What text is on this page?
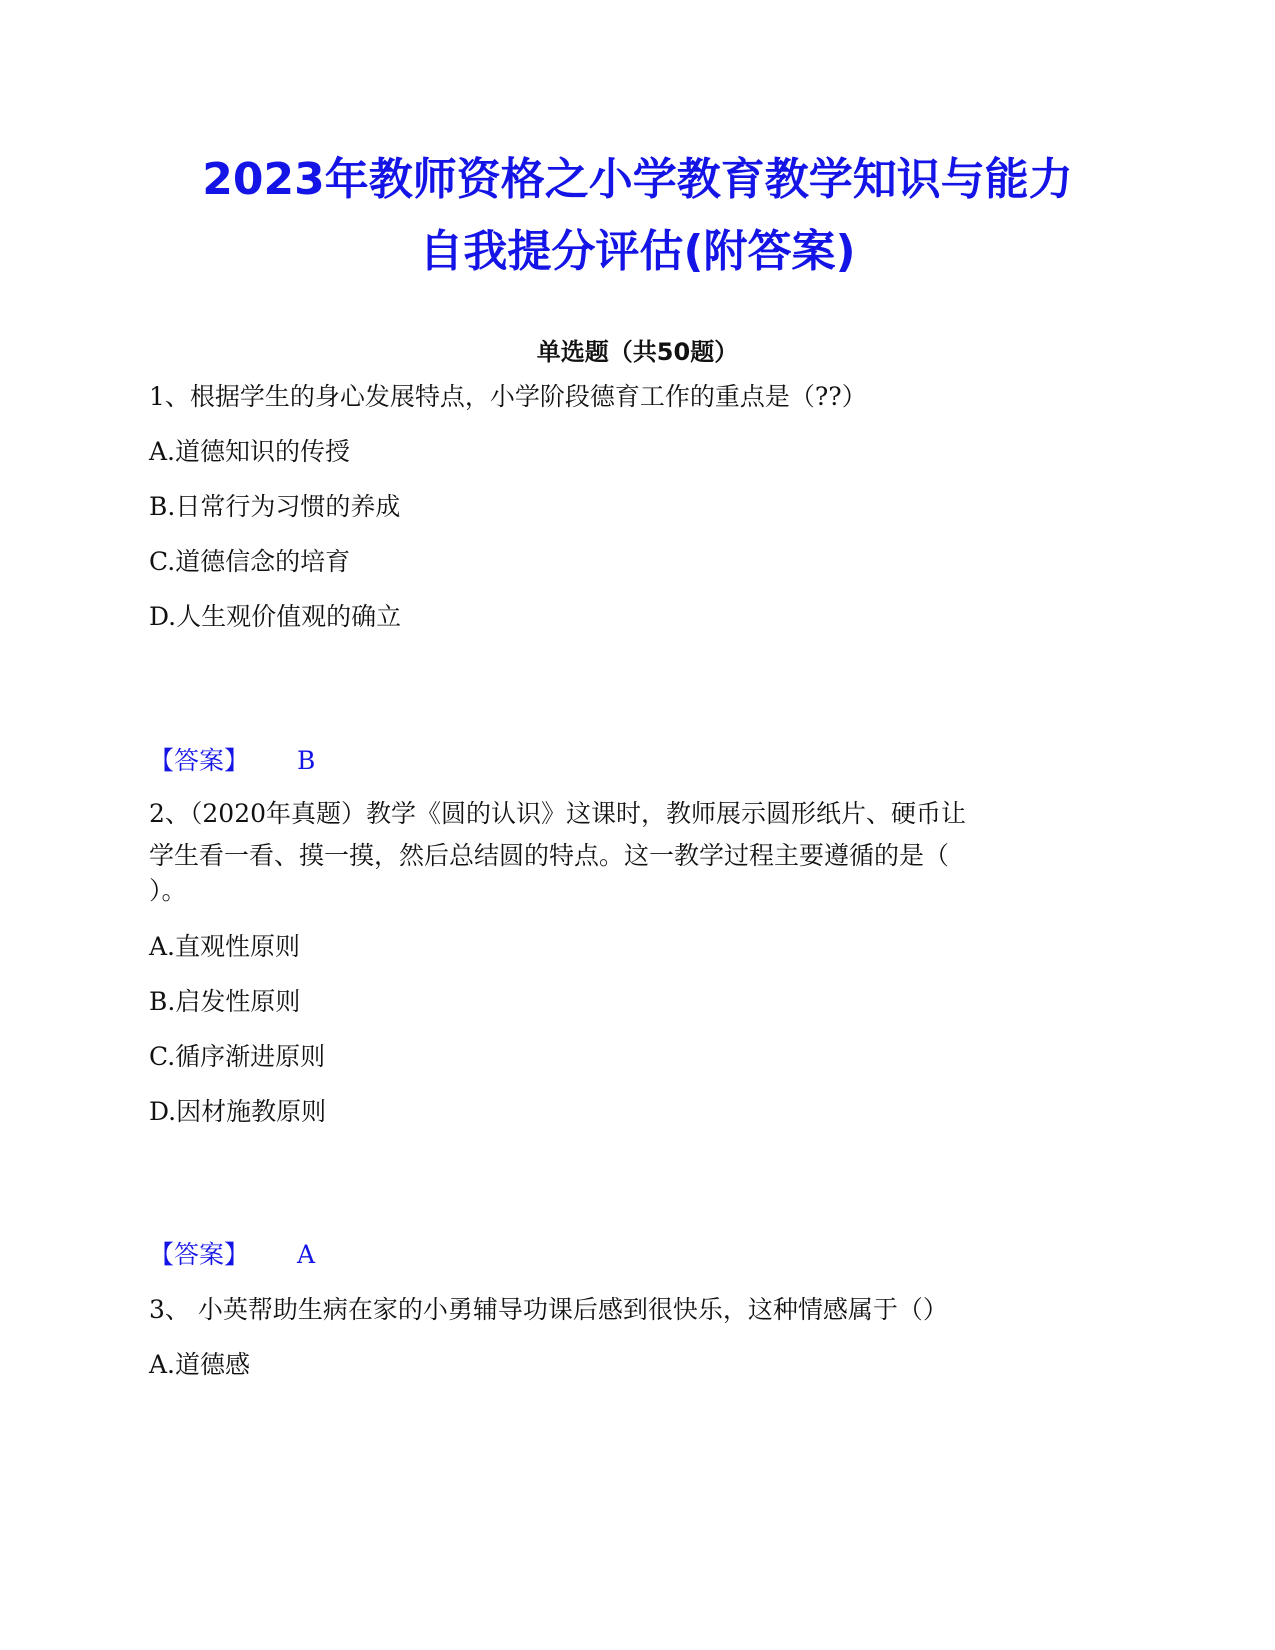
2023年教师资格之小学教育教学知识与能力
自我提分评估(附答案)
单选题（共50题）
1、根据学生的身心发展特点，小学阶段德育工作的重点是（??）
A.道德知识的传授
B.日常行为习惯的养成
C.道德信念的培育
D.人生观价值观的确立
【答案】 B
2、（2020年真题）教学《圆的认识》这课时，教师展示圆形纸片、硬币让
学生看一看、摸一摸，然后总结圆的特点。这一教学过程主要遵循的是（
）。
A.直观性原则
B.启发性原则
C.循序渐进原则
D.因材施教原则
【答案】 A
3、 小英帮助生病在家的小勇辅导功课后感到很快乐，这种情感属于（）
A.道德感
